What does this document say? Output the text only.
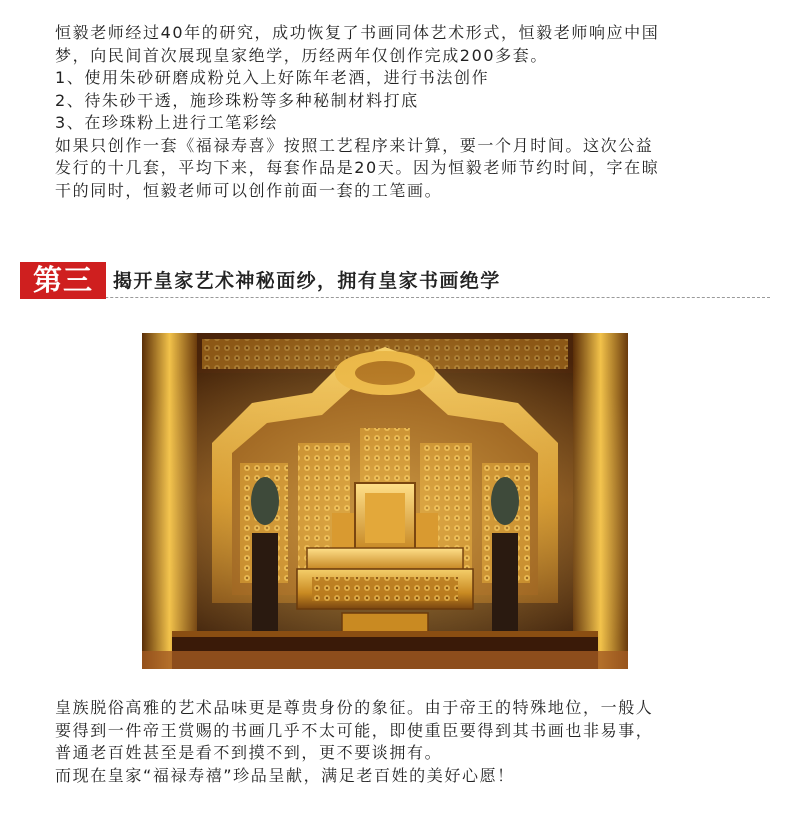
恒毅老师经过40年的研究，成功恢复了书画同体艺术形式，恒毅老师响应中国

梦，向民间首次展现皇家绝学，历经两年仅创作完成200多套。

1、使用朱砂研磨成粉兑入上好陈年老酒，进行书法创作

2、待朱砂干透，施珍珠粉等多种秘制材料打底

3、在珍珠粉上进行工笔彩绘

如果只创作一套《福禄寿喜》按照工艺程序来计算，要一个月时间。这次公益

发行的十几套，平均下来，每套作品是20天。因为恒毅老师节约时间，字在晾

干的同时，恒毅老师可以创作前面一套的工笔画。

第三	揭开皇家艺术神秘面纱，拥有皇家书画绝学

皇族脱俗高雅的艺术品味更是尊贵身份的象征。由于帝王的特殊地位，一般人

要得到一件帝王赏赐的书画几乎不太可能，即使重臣要得到其书画也非易事，

普通老百姓甚至是看不到摸不到，更不要谈拥有。

而现在皇家“福禄寿禧”珍品呈献，满足老百姓的美好心愿！
